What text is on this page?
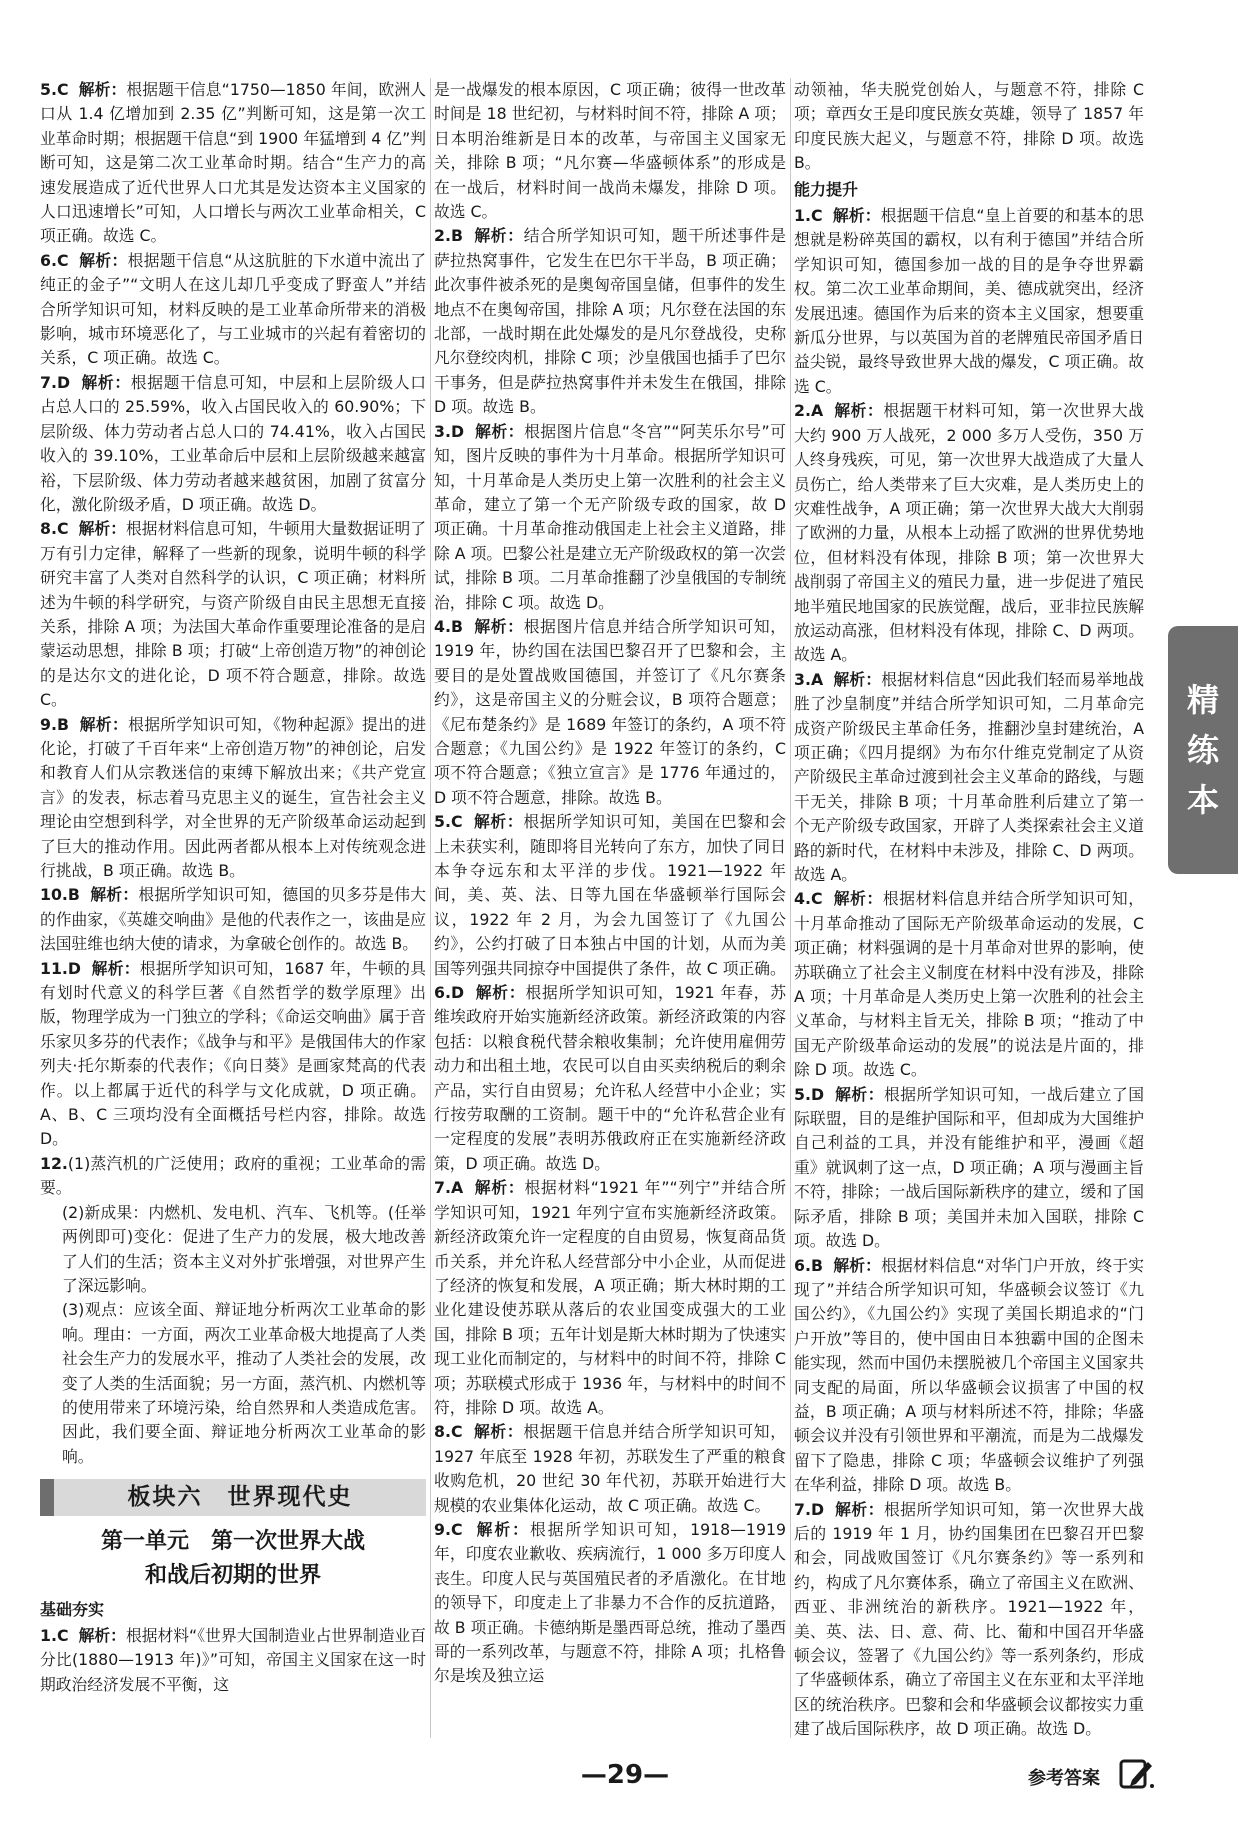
5.C 解析：根据题干信息“1750—1850 年间，欧洲人口从 1.4 亿增加到 2.35 亿”判断可知，这是第一次工业革命时期；根据题干信息“到 1900 年猛增到 4 亿”判断可知，这是第二次工业革命时期。结合“生产力的高速发展造成了近代世界人口尤其是发达资本主义国家的人口迅速增长”可知，人口增长与两次工业革命相关，C 项正确。故选 C。
6.C 解析：根据题干信息“从这肮脏的下水道中流出了纯正的金子”“文明人在这儿却几乎变成了野蛮人”并结合所学知识可知，材料反映的是工业革命所带来的消极影响，城市环境恶化了，与工业城市的兴起有着密切的关系，C 项正确。故选 C。
7.D 解析：根据题干信息可知，中层和上层阶级人口占总人口的 25.59%，收入占国民收入的 60.90%；下层阶级、体力劳动者占总人口的 74.41%，收入占国民收入的 39.10%，工业革命后中层和上层阶级越来越富裕，下层阶级、体力劳动者越来越贫困，加剧了贫富分化，激化阶级矛盾，D 项正确。故选 D。
8.C 解析：根据材料信息可知，牛顿用大量数据证明了万有引力定律，解释了一些新的现象，说明牛顿的科学研究丰富了人类对自然科学的认识，C 项正确；材料所述为牛顿的科学研究，与资产阶级自由民主思想无直接关系，排除 A 项；为法国大革命作重要理论准备的是启蒙运动思想，排除 B 项；打破“上帝创造万物”的神创论的是达尔文的进化论，D 项不符合题意，排除。故选 C。
9.B 解析：根据所学知识可知，《物种起源》提出的进化论，打破了千百年来“上帝创造万物”的神创论，启发和教育人们从宗教迷信的束缚下解放出来；《共产党宣言》的发表，标志着马克思主义的诞生，宣告社会主义理论由空想到科学，对全世界的无产阶级革命运动起到了巨大的推动作用。因此两者都从根本上对传统观念进行挑战，B 项正确。故选 B。
10.B 解析：根据所学知识可知，德国的贝多芬是伟大的作曲家，《英雄交响曲》是他的代表作之一，该曲是应法国驻维也纳大使的请求，为拿破仑创作的。故选 B。
11.D 解析：根据所学知识可知，1687 年，牛顿的具有划时代意义的科学巨著《自然哲学的数学原理》出版，物理学成为一门独立的学科；《命运交响曲》属于音乐家贝多芬的代表作；《战争与和平》是俄国伟大的作家列夫·托尔斯泰的代表作；《向日葵》是画家梵高的代表作。以上都属于近代的科学与文化成就，D 项正确。A、B、C 三项均没有全面概括号栏内容，排除。故选 D。
12.(1)蒸汽机的广泛使用；政府的重视；工业革命的需要。
(2)新成果：内燃机、发电机、汽车、飞机等。(任举两例即可)变化：促进了生产力的发展，极大地改善了人们的生活；资本主义对外扩张增强，对世界产生了深远影响。
(3)观点：应该全面、辩证地分析两次工业革命的影响。理由：一方面，两次工业革命极大地提高了人类社会生产力的发展水平，推动了人类社会的发展，改变了人类的生活面貌；另一方面，蒸汽机、内燃机等的使用带来了环境污染，给自然界和人类造成危害。因此，我们要全面、辩证地分析两次工业革命的影响。
板块六　世界现代史
第一单元　第一次世界大战
和战后初期的世界
基础夯实
1.C 解析：根据材料“《世界大国制造业占世界制造业百分比(1880—1913 年)》”可知，帝国主义国家在这一时期政治经济发展不平衡，这
是一战爆发的根本原因，C 项正确；彼得一世改革时间是 18 世纪初，与材料时间不符，排除 A 项；日本明治维新是日本的改革，与帝国主义国家无关，排除 B 项；“凡尔赛—华盛顿体系”的形成是在一战后，材料时间一战尚未爆发，排除 D 项。故选 C。
2.B 解析：结合所学知识可知，题干所述事件是萨拉热窝事件，它发生在巴尔干半岛，B 项正确；此次事件被杀死的是奥匈帝国皇储，但事件的发生地点不在奥匈帝国，排除 A 项；凡尔登在法国的东北部，一战时期在此处爆发的是凡尔登战役，史称凡尔登绞肉机，排除 C 项；沙皇俄国也插手了巴尔干事务，但是萨拉热窝事件并未发生在俄国，排除 D 项。故选 B。
3.D 解析：根据图片信息“冬宫”“阿芙乐尔号”可知，图片反映的事件为十月革命。根据所学知识可知，十月革命是人类历史上第一次胜利的社会主义革命，建立了第一个无产阶级专政的国家，故 D 项正确。十月革命推动俄国走上社会主义道路，排除 A 项。巴黎公社是建立无产阶级政权的第一次尝试，排除 B 项。二月革命推翻了沙皇俄国的专制统治，排除 C 项。故选 D。
4.B 解析：根据图片信息并结合所学知识可知，1919 年，协约国在法国巴黎召开了巴黎和会，主要目的是处置战败国德国，并签订了《凡尔赛条约》，这是帝国主义的分赃会议，B 项符合题意；《尼布楚条约》是 1689 年签订的条约，A 项不符合题意；《九国公约》是 1922 年签订的条约，C 项不符合题意；《独立宣言》是 1776 年通过的，D 项不符合题意，排除。故选 B。
5.C 解析：根据所学知识可知，美国在巴黎和会上未获实利，随即将目光转向了东方，加快了同日本争夺远东和太平洋的步伐。1921—1922 年间，美、英、法、日等九国在华盛顿举行国际会议，1922 年 2 月，为会九国签订了《九国公约》，公约打破了日本独占中国的计划，从而为美国等列强共同掠夺中国提供了条件，故 C 项正确。
6.D 解析：根据所学知识可知，1921 年春，苏维埃政府开始实施新经济政策。新经济政策的内容包括：以粮食税代替余粮收集制；允许使用雇佣劳动力和出租土地，农民可以自由买卖纳税后的剩余产品，实行自由贸易；允许私人经营中小企业；实行按劳取酬的工资制。题干中的“允许私营企业有一定程度的发展”表明苏俄政府正在实施新经济政策，D 项正确。故选 D。
7.A 解析：根据材料“1921 年”“列宁”并结合所学知识可知，1921 年列宁宣布实施新经济政策。新经济政策允许一定程度的自由贸易，恢复商品货币关系，并允许私人经营部分中小企业，从而促进了经济的恢复和发展，A 项正确；斯大林时期的工业化建设使苏联从落后的农业国变成强大的工业国，排除 B 项；五年计划是斯大林时期为了快速实现工业化而制定的，与材料中的时间不符，排除 C 项；苏联模式形成于 1936 年，与材料中的时间不符，排除 D 项。故选 A。
8.C 解析：根据题干信息并结合所学知识可知，1927 年底至 1928 年初，苏联发生了严重的粮食收购危机，20 世纪 30 年代初，苏联开始进行大规模的农业集体化运动，故 C 项正确。故选 C。
9.C 解析：根据所学知识可知，1918—1919 年，印度农业歉收、疾病流行，1 000 多万印度人丧生。印度人民与英国殖民者的矛盾激化。在甘地的领导下，印度走上了非暴力不合作的反抗道路，故 B 项正确。卡德纳斯是墨西哥总统，推动了墨西哥的一系列改革，与题意不符，排除 A 项；扎格鲁尔是埃及独立运
动领袖，华夫脱党创始人，与题意不符，排除 C 项；章西女王是印度民族女英雄，领导了 1857 年印度民族大起义，与题意不符，排除 D 项。故选 B。
能力提升
1.C 解析：根据题干信息“皇上首要的和基本的思想就是粉碎英国的霸权，以有利于德国”并结合所学知识可知，德国参加一战的目的是争夺世界霸权。第二次工业革命期间，美、德成就突出，经济发展迅速。德国作为后来的资本主义国家，想要重新瓜分世界，与以英国为首的老牌殖民帝国矛盾日益尖锐，最终导致世界大战的爆发，C 项正确。故选 C。
2.A 解析：根据题干材料可知，第一次世界大战大约 900 万人战死，2 000 多万人受伤，350 万人终身残疾，可见，第一次世界大战造成了大量人员伤亡，给人类带来了巨大灾难，是人类历史上的灾难性战争，A 项正确；第一次世界大战大大削弱了欧洲的力量，从根本上动摇了欧洲的世界优势地位，但材料没有体现，排除 B 项；第一次世界大战削弱了帝国主义的殖民力量，进一步促进了殖民地半殖民地国家的民族觉醒，战后，亚非拉民族解放运动高涨，但材料没有体现，排除 C、D 两项。故选 A。
3.A 解析：根据材料信息“因此我们轻而易举地战胜了沙皇制度”并结合所学知识可知，二月革命完成资产阶级民主革命任务，推翻沙皇封建统治，A 项正确；《四月提纲》为布尔什维克党制定了从资产阶级民主革命过渡到社会主义革命的路线，与题干无关，排除 B 项；十月革命胜利后建立了第一个无产阶级专政国家，开辟了人类探索社会主义道路的新时代，在材料中未涉及，排除 C、D 两项。故选 A。
4.C 解析：根据材料信息并结合所学知识可知，十月革命推动了国际无产阶级革命运动的发展，C 项正确；材料强调的是十月革命对世界的影响，使苏联确立了社会主义制度在材料中没有涉及，排除 A 项；十月革命是人类历史上第一次胜利的社会主义革命，与材料主旨无关，排除 B 项；“推动了中国无产阶级革命运动的发展”的说法是片面的，排除 D 项。故选 C。
5.D 解析：根据所学知识可知，一战后建立了国际联盟，目的是维护国际和平，但却成为大国维护自己利益的工具，并没有能维护和平，漫画《超重》就讽刺了这一点，D 项正确；A 项与漫画主旨不符，排除；一战后国际新秩序的建立，缓和了国际矛盾，排除 B 项；美国并未加入国联，排除 C 项。故选 D。
6.B 解析：根据材料信息“对华门户开放，终于实现了”并结合所学知识可知，华盛顿会议签订《九国公约》，《九国公约》实现了美国长期追求的“门户开放”等目的，使中国由日本独霸中国的企图未能实现，然而中国仍未摆脱被几个帝国主义国家共同支配的局面，所以华盛顿会议损害了中国的权益，B 项正确；A 项与材料所述不符，排除；华盛顿会议并没有引领世界和平潮流，而是为二战爆发留下了隐患，排除 C 项；华盛顿会议维护了列强在华利益，排除 D 项。故选 B。
7.D 解析：根据所学知识可知，第一次世界大战后的 1919 年 1 月，协约国集团在巴黎召开巴黎和会，同战败国签订《凡尔赛条约》等一系列和约，构成了凡尔赛体系，确立了帝国主义在欧洲、西亚、非洲统治的新秩序。1921—1922 年，美、英、法、日、意、荷、比、葡和中国召开华盛顿会议，签署了《九国公约》等一系列条约，形成了华盛顿体系，确立了帝国主义在东亚和太平洋地区的统治秩序。巴黎和会和华盛顿会议都按实力重建了战后国际秩序，故 D 项正确。故选 D。
精
练
本
—29—	参考答案
